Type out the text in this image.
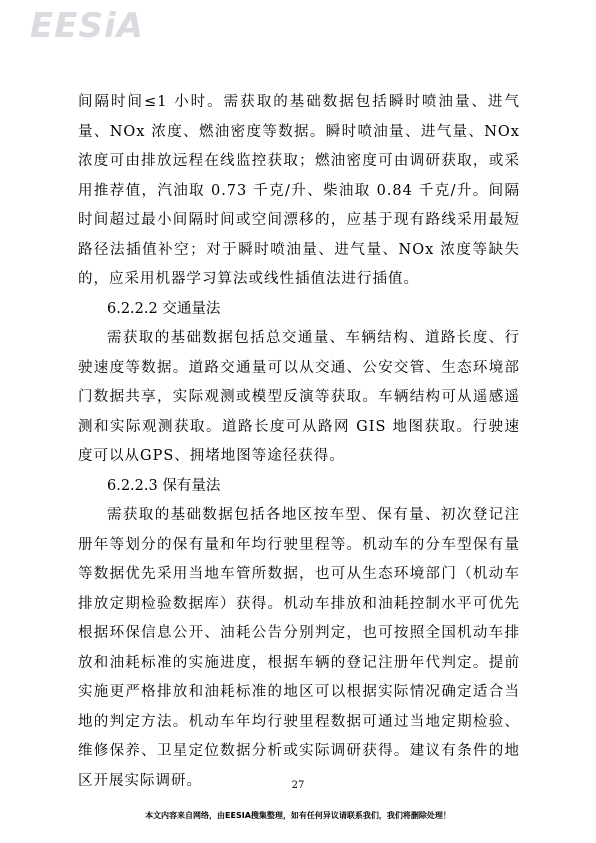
EESiA

间隔时间≤1 小时。需获取的基础数据包括瞬时喷油量、进气量、NOx 浓度、燃油密度等数据。瞬时喷油量、进气量、NOx 浓度可由排放远程在线监控获取；燃油密度可由调研获取，或采用推荐值，汽油取 0.73 千克/升、柴油取 0.84 千克/升。间隔时间超过最小间隔时间或空间漂移的，应基于现有路线采用最短路径法插值补空；对于瞬时喷油量、进气量、NOx 浓度等缺失的，应采用机器学习算法或线性插值法进行插值。

6.2.2.2 交通量法

需获取的基础数据包括总交通量、车辆结构、道路长度、行驶速度等数据。道路交通量可以从交通、公安交管、生态环境部门数据共享，实际观测或模型反演等获取。车辆结构可从遥感遥测和实际观测获取。道路长度可从路网 GIS 地图获取。行驶速度可以从GPS、拥堵地图等途径获得。

6.2.2.3 保有量法

需获取的基础数据包括各地区按车型、保有量、初次登记注册年等划分的保有量和年均行驶里程等。机动车的分车型保有量等数据优先采用当地车管所数据，也可从生态环境部门（机动车排放定期检验数据库）获得。机动车排放和油耗控制水平可优先根据环保信息公开、油耗公告分别判定，也可按照全国机动车排放和油耗标准的实施进度，根据车辆的登记注册年代判定。提前实施更严格排放和油耗标准的地区可以根据实际情况确定适合当地的判定方法。机动车年均行驶里程数据可通过当地定期检验、维修保养、卫星定位数据分析或实际调研获得。建议有条件的地区开展实际调研。	27
本文内容来自网络，由EESIA搜集整理，如有任何异议请联系我们，我们将删除处理！
